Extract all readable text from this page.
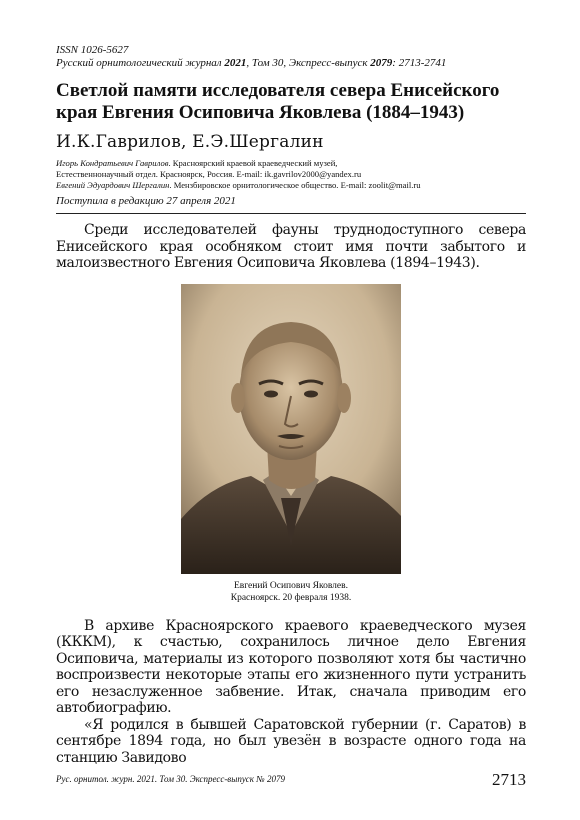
ISSN 1026-5627
Русский орнитологический журнал 2021, Том 30, Экспресс-выпуск 2079: 2713-2741
Светлой памяти исследователя севера Енисейского края Евгения Осиповича Яковлева (1884–1943)
И.К.Гаврилов, Е.Э.Шергалин
Игорь Кондратьевич Гаврилов. Красноярский краевой краеведческий музей,
Естественнонаучный отдел. Красноярск, Россия. E-mail: ik.gavrilov2000@yandex.ru
Евгений Эдуардович Шергалин. Мензбировское орнитологическое общество. E-mail: zoolit@mail.ru
Поступила в редакцию 27 апреля 2021

Среди исследователей фауны труднодоступного севера Енисейского края особняком стоит имя почти забытого и малоизвестного Евгения Осиповича Яковлева (1894–1943).

Евгений Осипович Яковлев.
Красноярск. 20 февраля 1938.

В архиве Красноярского краевого краеведческого музея (КККМ), к счастью, сохранилось личное дело Евгения Осиповича, материалы из которого позволяют хотя бы частично воспроизвести некоторые этапы его жизненного пути устранить его незаслуженное забвение. Итак, сначала приводим его автобиографию.

«Я родился в бывшей Саратовской губернии (г. Саратов) в сентябре 1894 года, но был увезён в возрасте одного года на станцию Завидово

Рус. орнитол. журн. 2021. Том 30. Экспресс-выпуск № 2079	2713
